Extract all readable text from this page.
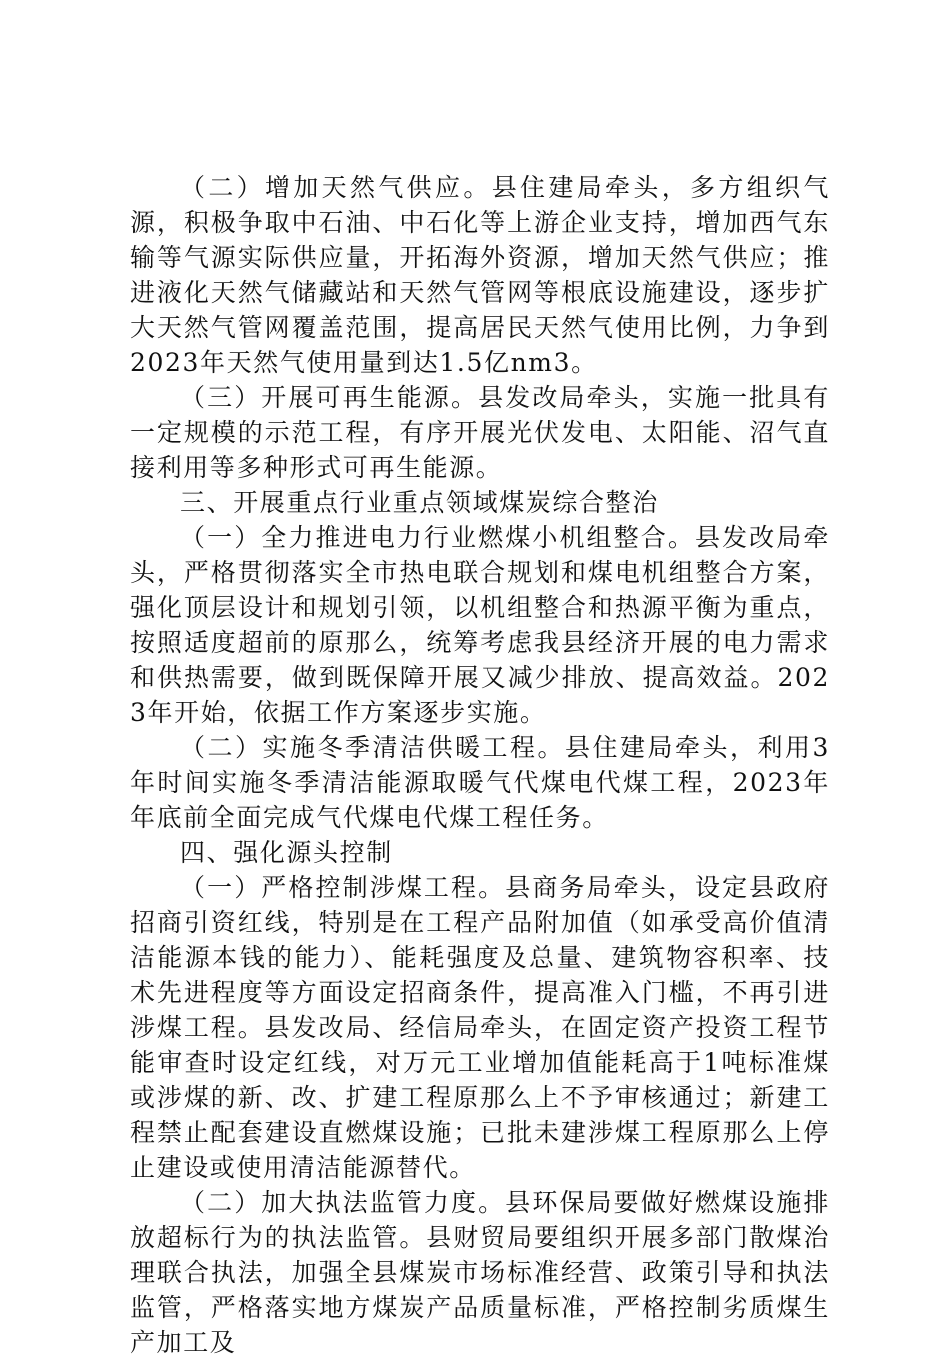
（二）增加天然气供应。县住建局牵头，多方组织气源，积极争取中石油、中石化等上游企业支持，增加西气东输等气源实际供应量，开拓海外资源，增加天然气供应；推进液化天然气储藏站和天然气管网等根底设施建设，逐步扩大天然气管网覆盖范围，提高居民天然气使用比例，力争到2023年天然气使用量到达1.5亿nm3。

（三）开展可再生能源。县发改局牵头，实施一批具有一定规模的示范工程，有序开展光伏发电、太阳能、沼气直接利用等多种形式可再生能源。

三、开展重点行业重点领域煤炭综合整治

（一）全力推进电力行业燃煤小机组整合。县发改局牵头，严格贯彻落实全市热电联合规划和煤电机组整合方案，强化顶层设计和规划引领，以机组整合和热源平衡为重点，按照适度超前的原那么，统筹考虑我县经济开展的电力需求和供热需要，做到既保障开展又减少排放、提高效益。2023年开始，依据工作方案逐步实施。

（二）实施冬季清洁供暖工程。县住建局牵头，利用3年时间实施冬季清洁能源取暖气代煤电代煤工程，2023年年底前全面完成气代煤电代煤工程任务。

四、强化源头控制

（一）严格控制涉煤工程。县商务局牵头，设定县政府招商引资红线，特别是在工程产品附加值（如承受高价值清洁能源本钱的能力）、能耗强度及总量、建筑物容积率、技术先进程度等方面设定招商条件，提高准入门槛，不再引进涉煤工程。县发改局、经信局牵头，在固定资产投资工程节能审查时设定红线，对万元工业增加值能耗高于1吨标准煤或涉煤的新、改、扩建工程原那么上不予审核通过；新建工程禁止配套建设直燃煤设施；已批未建涉煤工程原那么上停止建设或使用清洁能源替代。

（二）加大执法监管力度。县环保局要做好燃煤设施排放超标行为的执法监管。县财贸局要组织开展多部门散煤治理联合执法，加强全县煤炭市场标准经营、政策引导和执法监管，严格落实地方煤炭产品质量标准，严格控制劣质煤生产加工及
